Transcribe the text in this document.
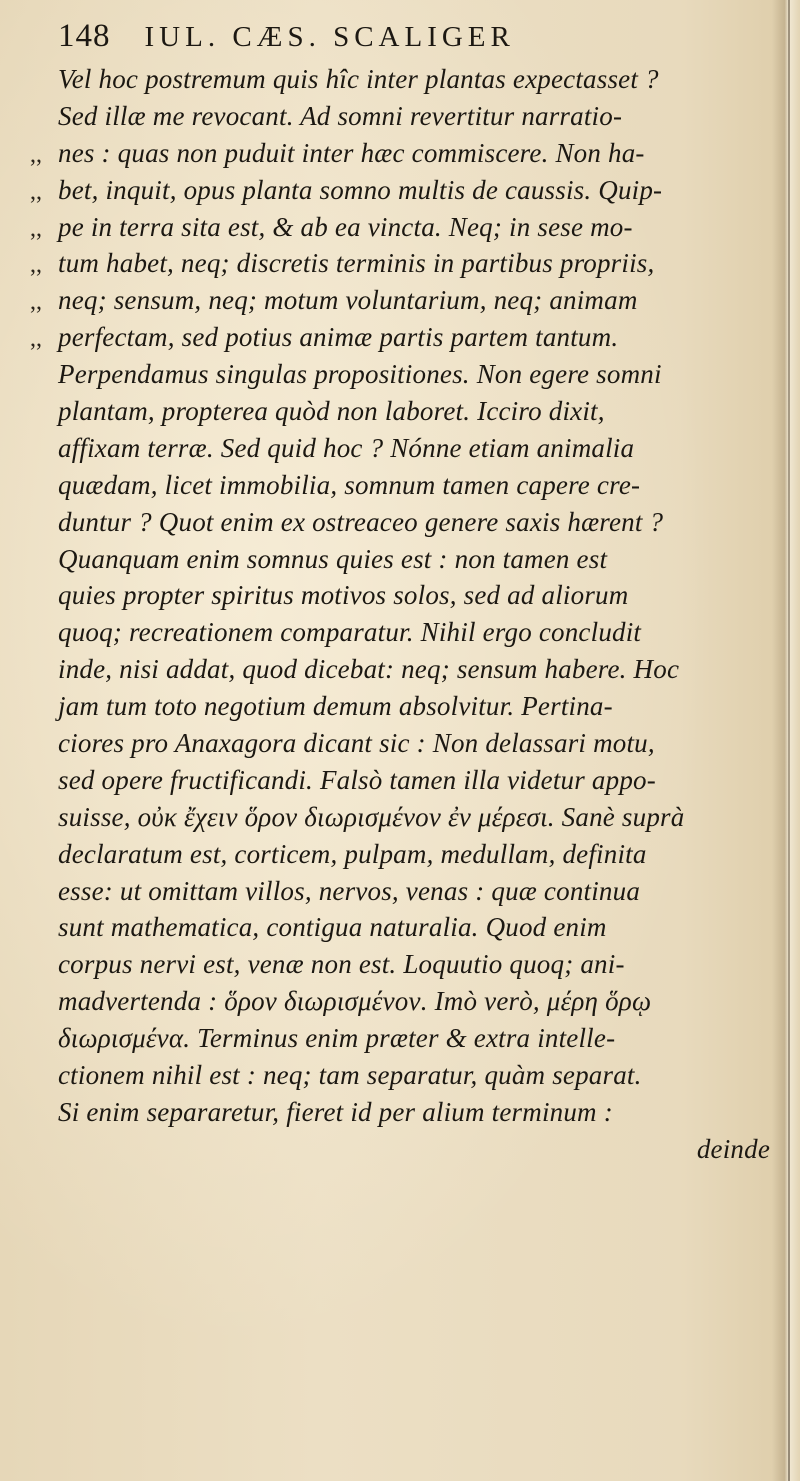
148 IUL. CÆS. SCALIGER
Vel hoc postremum quis hîc inter plantas expectasset ?
Sed illæ me revocant. Ad somni revertitur narratio-
,, nes : quas non puduit inter hæc commiscere. Non ha-
,, bet, inquit, opus planta somno multis de caussis. Quip-
,, pe in terra sita est, & ab ea vincta. Neq; in sese mo-
,, tum habet, neq; discretis terminis in partibus propriis,
,, neq; sensum, neq; motum voluntarium, neq; animam
,, perfectam, sed potius animæ partis partem tantum.
Perpendamus singulas propositiones. Non egere somni
plantam, propterea quòd non laboret. Icciro dixit,
affixam terræ. Sed quid hoc ? Nónne etiam animalia
quædam, licet immobilia, somnum tamen capere cre-
duntur ? Quot enim ex ostreaceo genere saxis hærent ?
Quanquam enim somnus quies est : non tamen est
quies propter spiritus motivos solos, sed ad aliorum
quoq; recreationem comparatur. Nihil ergo concludit
inde, nisi addat, quod dicebat: neq; sensum habere. Hoc
jam tum toto negotium demum absolvitur. Pertina-
ciores pro Anaxagora dicant sic : Non delassari motu,
sed opere fructificandi. Falsò tamen illa videtur appo-
suisse, οὐκ ἔχειν ὅρον διωρισμένον ἐν μέρεσι. Sanè suprà
declaratum est, corticem, pulpam, medullam, definita
esse: ut omittam villos, nervos, venas : quæ continua
sunt mathematica, contigua naturalia. Quod enim
corpus nervi est, venæ non est. Loquutio quoq; ani-
madvertenda : ὅρον διωρισμένον. Imò verò, μέρη ὅρῳ
διωρισμένα. Terminus enim præter & extra intelle-
ctionem nihil est : neq; tam separatur, quàm separat.
Si enim separaretur, fieret id per alium terminum :
deinde
